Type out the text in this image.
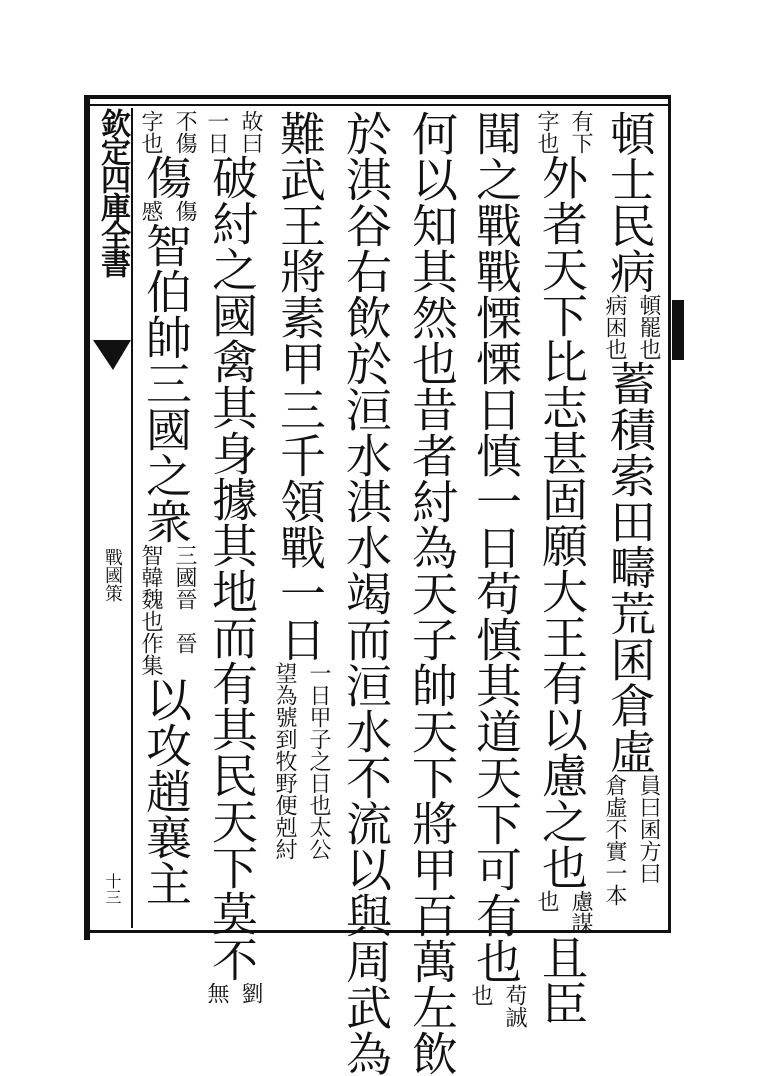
欽定四庫全書
戰國策
十三
頓士民病
頓罷也
病困也
蓄積索田疇荒囷倉虛
員曰囷方曰
倉虛不實一本
有下
字也
外者天下比志甚固願大王有以慮之也
慮謀
也
且臣
聞之戰戰慄慄日慎一日苟慎其道天下可有也
苟誠
也
何以知其然也昔者紂為天子帥天下將甲百萬左飲
於淇谷右飲於洹水淇水竭而洹水不流以與周武為
難武王將素甲三千領戰一日
一日甲子之日也太公
望為號到牧野便剋紂
故曰
一日
破紂之國禽其身據其地而有其民天下莫不
劉
無
不傷
字也
傷
傷
慼
智伯帥三國之衆
三國晉
智韓魏也
晉
作集
以攻趙襄主
